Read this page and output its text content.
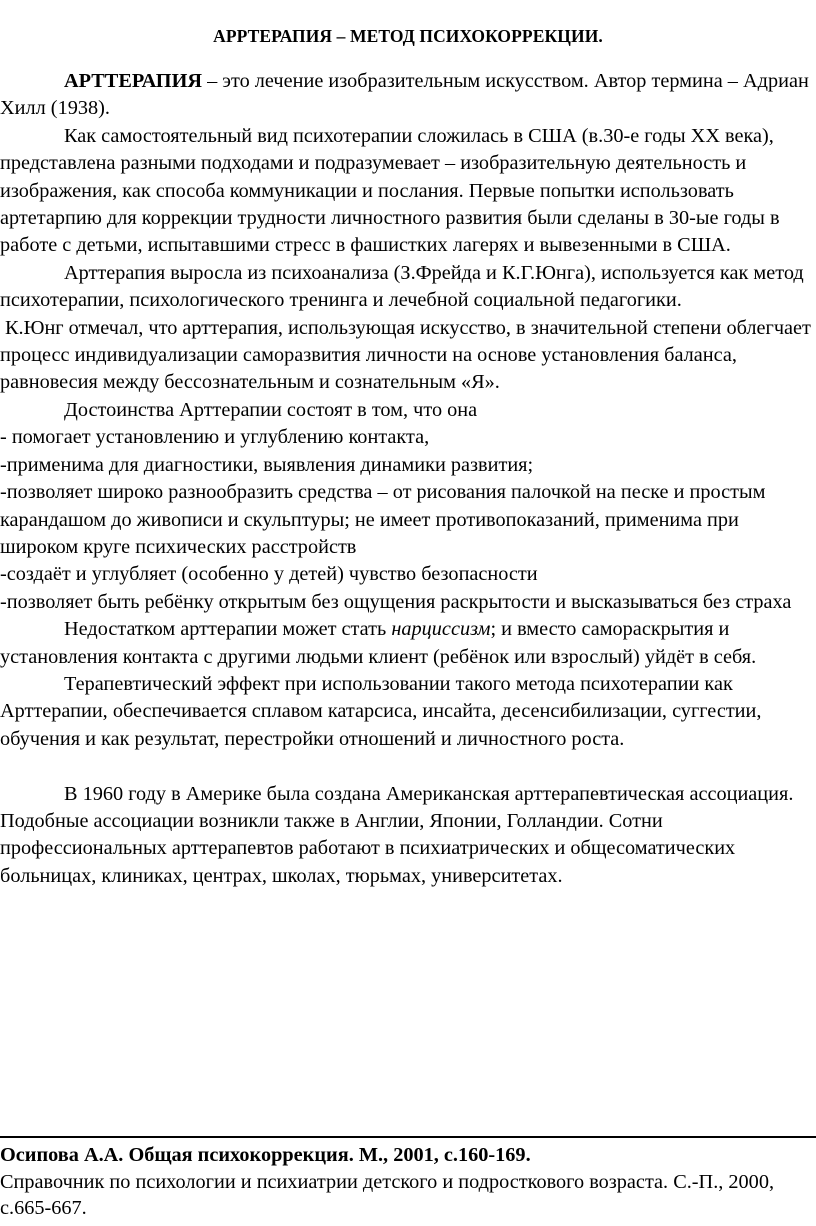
АРРТЕРАПИЯ – МЕТОД ПСИХОКОРРЕКЦИИ.

АРТТЕРАПИЯ – это лечение изобразительным искусством. Автор термина – Адриан Хилл (1938).

Как самостоятельный вид психотерапии сложилась в США (в.30-е годы XX века), представлена разными подходами и подразумевает – изобразительную деятельность и изображения, как способа коммуникации и послания. Первые попытки использовать артетарпию для коррекции трудности личностного развития были сделаны в 30-ые годы в работе с детьми, испытавшими стресс в фашистких лагерях и вывезенными в США.

Арттерапия выросла из психоанализа (З.Фрейда и К.Г.Юнга), используется как метод психотерапии, психологического тренинга и лечебной социальной педагогики.

К.Юнг отмечал, что арттерапия, использующая искусство, в значительной степени облегчает процесс индивидуализации саморазвития личности на основе установления баланса, равновесия между бессознательным и сознательным «Я».

Достоинства Арттерапии состоят в том, что она

- помогает установлению и углублению контакта,

-применима для диагностики, выявления динамики развития;

-позволяет широко разнообразить средства – от рисования палочкой на песке и простым карандашом до живописи и скульптуры; не имеет противопоказаний, применима при широком круге психических расстройств

-создаёт и углубляет (особенно у детей) чувство безопасности

-позволяет быть ребёнку открытым без ощущения раскрытости и высказываться без страха

Недостатком арттерапии может стать нарциссизм; и вместо самораскрытия и установления контакта с другими людьми клиент (ребёнок или взрослый) уйдёт в себя.

Терапевтический эффект при использовании такого метода психотерапии как Арттерапии, обеспечивается сплавом катарсиса, инсайта, десенсибилизации, суггестии, обучения и как результат, перестройки отношений и личностного роста.

В 1960 году в Америке была создана Американская арттерапевтическая ассоциация. Подобные ассоциации возникли также в Англии, Японии, Голландии. Сотни профессиональных арттерапевтов работают в психиатрических и общесоматических больницах, клиниках, центрах, школах, тюрьмах, университетах.

Осипова А.А. Общая психокоррекция. М., 2001, с.160-169.

Справочник по психологии и психиатрии детского и подросткового возраста. С.-П., 2000, с.665-667.
